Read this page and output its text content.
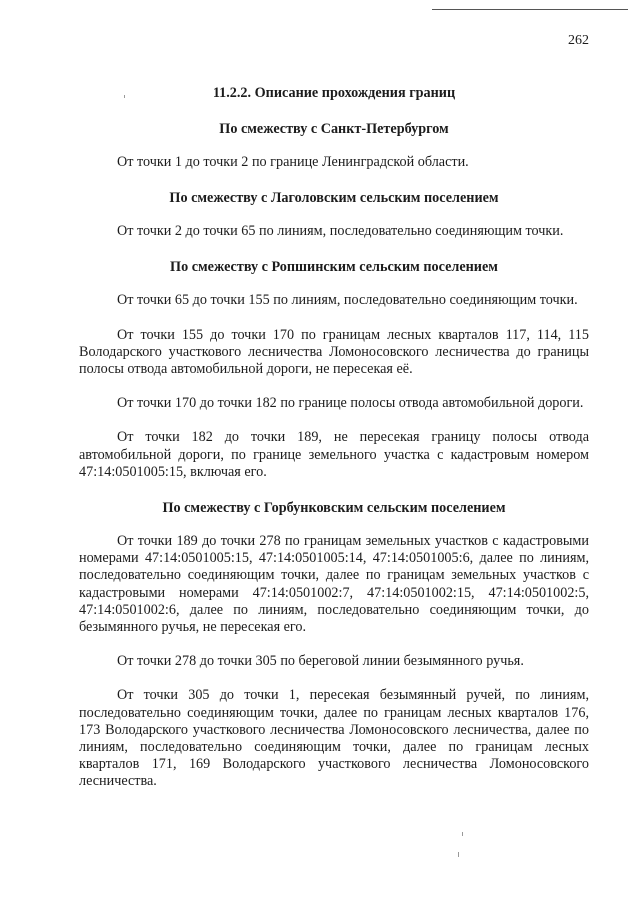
262
11.2.2. Описание прохождения границ
По смежеству с Санкт-Петербургом

От точки 1 до точки 2 по границе Ленинградской области.

По смежеству с Лаголовским сельским поселением

От точки 2 до точки 65 по линиям, последовательно соединяющим точки.

По смежеству с Ропшинским сельским поселением

От точки 65 до точки 155 по линиям, последовательно соединяющим точки.

От точки 155 до точки 170 по границам лесных кварталов 117, 114, 115 Володарского участкового лесничества Ломоносовского лесничества до границы полосы отвода автомобильной дороги, не пересекая её.

От точки 170 до точки 182 по границе полосы отвода автомобильной дороги.

От точки 182 до точки 189, не пересекая границу полосы отвода автомобильной дороги, по границе земельного участка с кадастровым номером 47:14:0501005:15, включая его.

По смежеству с Горбунковским сельским поселением

От точки 189 до точки 278 по границам земельных участков с кадастровыми номерами 47:14:0501005:15, 47:14:0501005:14, 47:14:0501005:6, далее по линиям, последовательно соединяющим точки, далее по границам земельных участков с кадастровыми номерами 47:14:0501002:7, 47:14:0501002:15, 47:14:0501002:5, 47:14:0501002:6, далее по линиям, последовательно соединяющим точки, до безымянного ручья, не пересекая его.

От точки 278 до точки 305 по береговой линии безымянного ручья.

От точки 305 до точки 1, пересекая безымянный ручей, по линиям, последовательно соединяющим точки, далее по границам лесных кварталов 176, 173 Володарского участкового лесничества Ломоносовского лесничества, далее по линиям, последовательно соединяющим точки, далее по границам лесных кварталов 171, 169 Володарского участкового лесничества Ломоносовского лесничества.
